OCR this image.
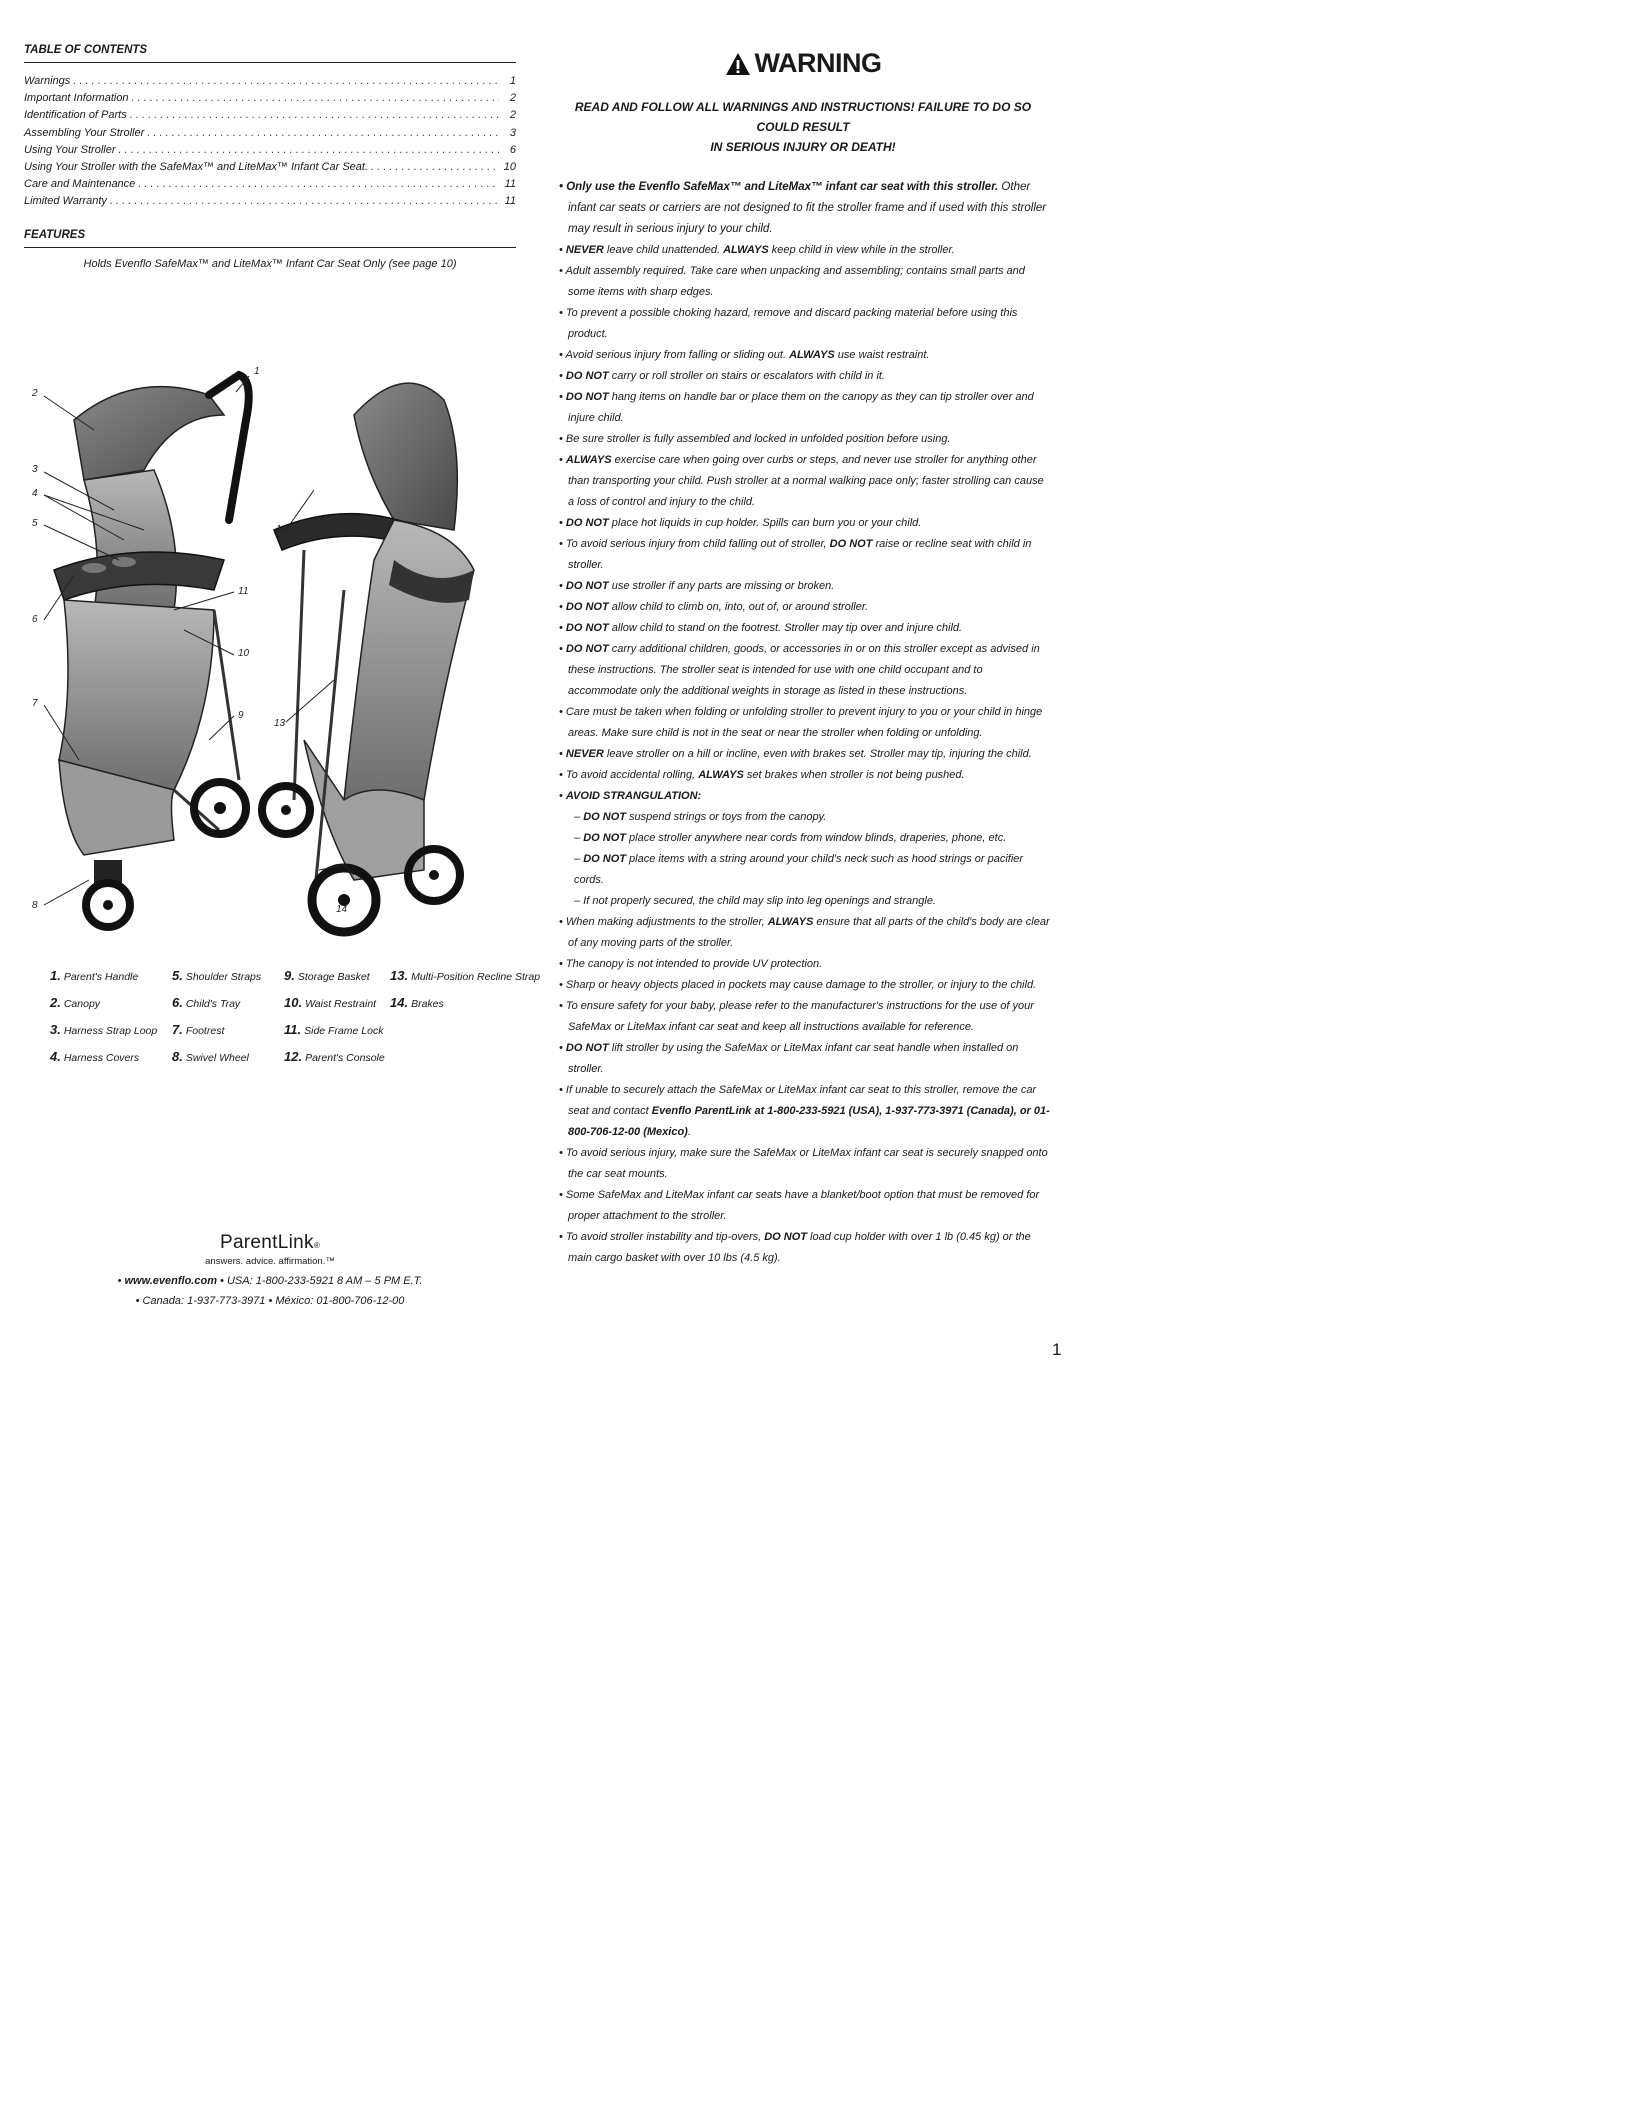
TABLE OF CONTENTS
Warnings . . .	1
Important Information . . .	2
Identification of Parts . . .	2
Assembling Your Stroller . . .	3
Using Your Stroller . . .	6
Using Your Stroller with the SafeMax™ and LiteMax™ Infant Car Seat. . . .	10
Care and Maintenance . . .	11
Limited Warranty . . .	11
FEATURES
Holds Evenflo SafeMax™ and LiteMax™ Infant Car Seat Only (see page 10)
1
2
3
4
5
6
7
8
9
10
11
12
13
14
1. Parent's Handle	5. Shoulder Straps	9. Storage Basket	13. Multi-Position Recline Strap
2. Canopy	6. Child's Tray	10. Waist Restraint	14. Brakes
3. Harness Strap Loop	7. Footrest	11. Side Frame Lock
4. Harness Covers	8. Swivel Wheel	12. Parent's Console
ParentLink®
answers. advice. affirmation.™
• www.evenflo.com • USA: 1-800-233-5921 8 AM – 5 PM E.T.
• Canada: 1-937-773-3971 • México: 01-800-706-12-00
WARNING
READ AND FOLLOW ALL WARNINGS AND INSTRUCTIONS! FAILURE TO DO SO COULD RESULT
IN SERIOUS INJURY OR DEATH!
• Only use the Evenflo SafeMax™ and LiteMax™ infant car seat with this stroller. Other infant car seats or carriers are not designed to fit the stroller frame and if used with this stroller may result in serious injury to your child.
• NEVER leave child unattended. ALWAYS keep child in view while in the stroller.
• Adult assembly required. Take care when unpacking and assembling; contains small parts and some items with sharp edges.
• To prevent a possible choking hazard, remove and discard packing material before using this product.
• Avoid serious injury from falling or sliding out. ALWAYS use waist restraint.
• DO NOT carry or roll stroller on stairs or escalators with child in it.
• DO NOT hang items on handle bar or place them on the canopy as they can tip stroller over and injure child.
• Be sure stroller is fully assembled and locked in unfolded position before using.
• ALWAYS exercise care when going over curbs or steps, and never use stroller for anything other than transporting your child. Push stroller at a normal walking pace only; faster strolling can cause a loss of control and injury to the child.
• DO NOT place hot liquids in cup holder. Spills can burn you or your child.
• To avoid serious injury from child falling out of stroller, DO NOT raise or recline seat with child in stroller.
• DO NOT use stroller if any parts are missing or broken.
• DO NOT allow child to climb on, into, out of, or around stroller.
• DO NOT allow child to stand on the footrest. Stroller may tip over and injure child.
• DO NOT carry additional children, goods, or accessories in or on this stroller except as advised in these instructions. The stroller seat is intended for use with one child occupant and to accommodate only the additional weights in storage as listed in these instructions.
• Care must be taken when folding or unfolding stroller to prevent injury to you or your child in hinge areas. Make sure child is not in the seat or near the stroller when folding or unfolding.
• NEVER leave stroller on a hill or incline, even with brakes set. Stroller may tip, injuring the child.
• To avoid accidental rolling, ALWAYS set brakes when stroller is not being pushed.
• AVOID STRANGULATION:
– DO NOT suspend strings or toys from the canopy.
– DO NOT place stroller anywhere near cords from window blinds, draperies, phone, etc.
– DO NOT place items with a string around your child's neck such as hood strings or pacifier cords.
– If not properly secured, the child may slip into leg openings and strangle.
• When making adjustments to the stroller, ALWAYS ensure that all parts of the child's body are clear of any moving parts of the stroller.
• The canopy is not intended to provide UV protection.
• Sharp or heavy objects placed in pockets may cause damage to the stroller, or injury to the child.
• To ensure safety for your baby, please refer to the manufacturer's instructions for the use of your SafeMax or LiteMax infant car seat and keep all instructions available for reference.
• DO NOT lift stroller by using the SafeMax or LiteMax infant car seat handle when installed on stroller.
• If unable to securely attach the SafeMax or LiteMax infant car seat to this stroller, remove the car seat and contact Evenflo ParentLink at 1-800-233-5921 (USA), 1-937-773-3971 (Canada), or 01-800-706-12-00 (Mexico).
• To avoid serious injury, make sure the SafeMax or LiteMax infant car seat is securely snapped onto the car seat mounts.
• Some SafeMax and LiteMax infant car seats have a blanket/boot option that must be removed for proper attachment to the stroller.
• To avoid stroller instability and tip-overs, DO NOT load cup holder with over 1 lb (0.45 kg) or the main cargo basket with over 10 lbs (4.5 kg).
1
